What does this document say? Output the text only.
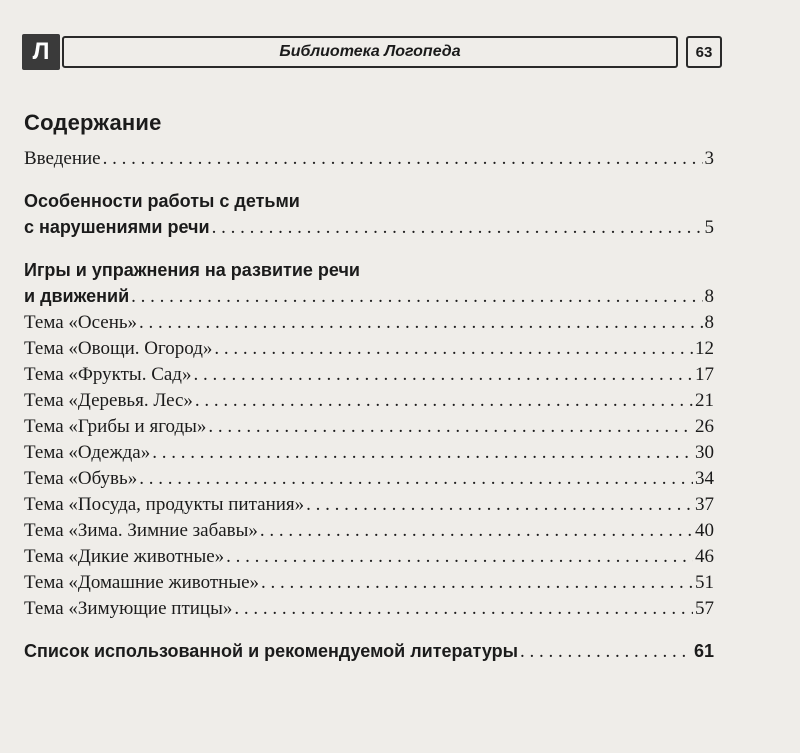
Л	Библиотека Логопеда	63
Содержание
Введение . . .	3
Особенности работы с детьми
с нарушениями речи . . .	5
Игры и упражнения на развитие речи
и движений . . .	8
Тема «Осень» . . .	8
Тема «Овощи. Огород» . . .	12
Тема «Фрукты. Сад» . . .	17
Тема «Деревья. Лес» . . .	21
Тема «Грибы и ягоды» . . .	26
Тема «Одежда» . . .	30
Тема «Обувь» . . .	34
Тема «Посуда, продукты питания» . . .	37
Тема «Зима. Зимние забавы» . . .	40
Тема «Дикие животные» . . .	46
Тема «Домашние животные» . . .	51
Тема «Зимующие птицы» . . .	57
Список использованной и рекомендуемой литературы . . .	61
